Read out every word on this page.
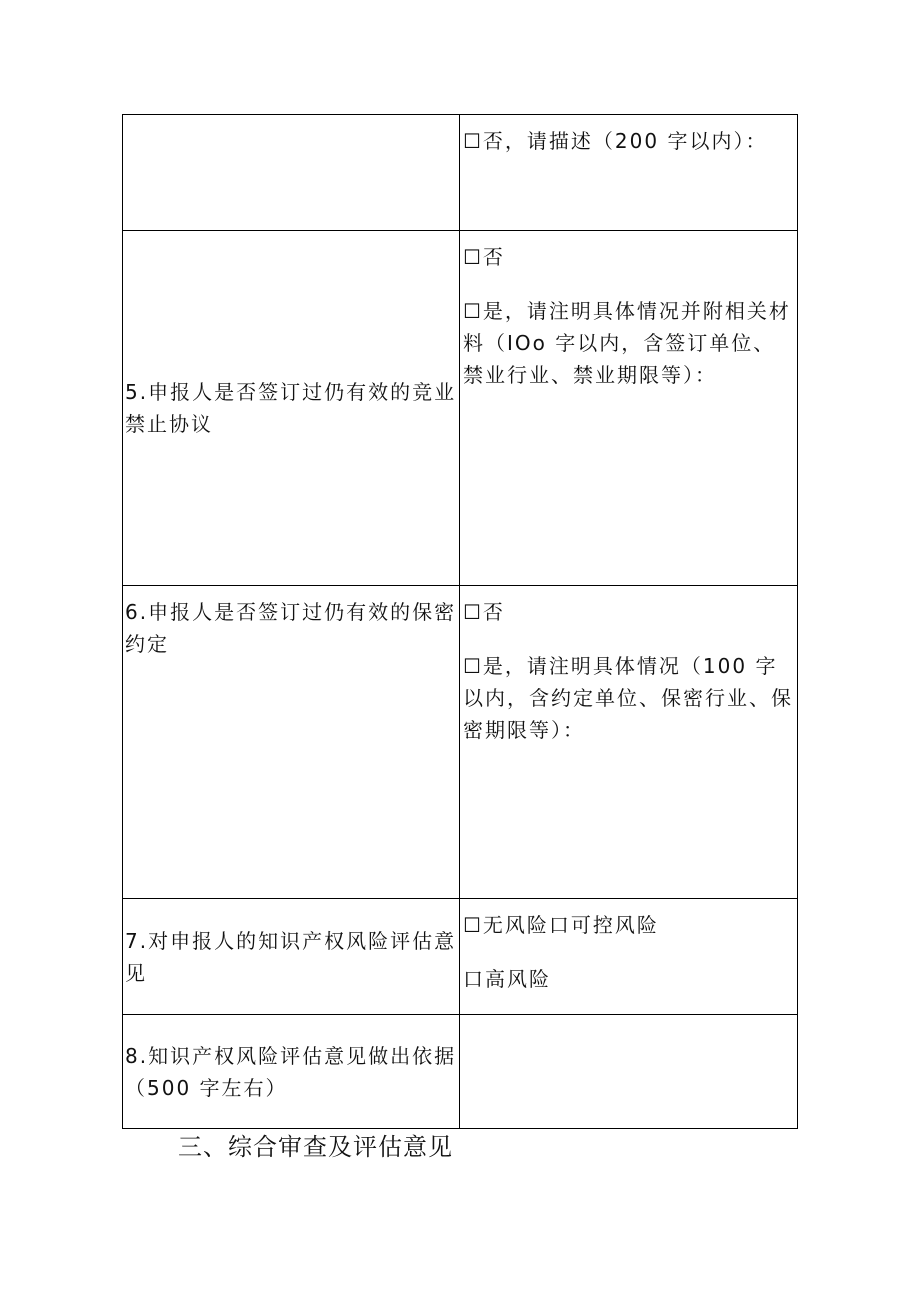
	☐否，请描述（200 字以内）：

5.申报人是否签订过仍有效的竞业禁止协议	☐否
☐是，请注明具体情况并附相关材料（IOo 字以内，含签订单位、禁业行业、禁业期限等）：

6.申报人是否签订过仍有效的保密约定	☐否
☐是，请注明具体情况（100 字以内，含约定单位、保密行业、保密期限等）：

7.对申报人的知识产权风险评估意见	☐无风险口可控风险
口高风险

8.知识产权风险评估意见做出依据（500 字左右）	
三、综合审查及评估意见
